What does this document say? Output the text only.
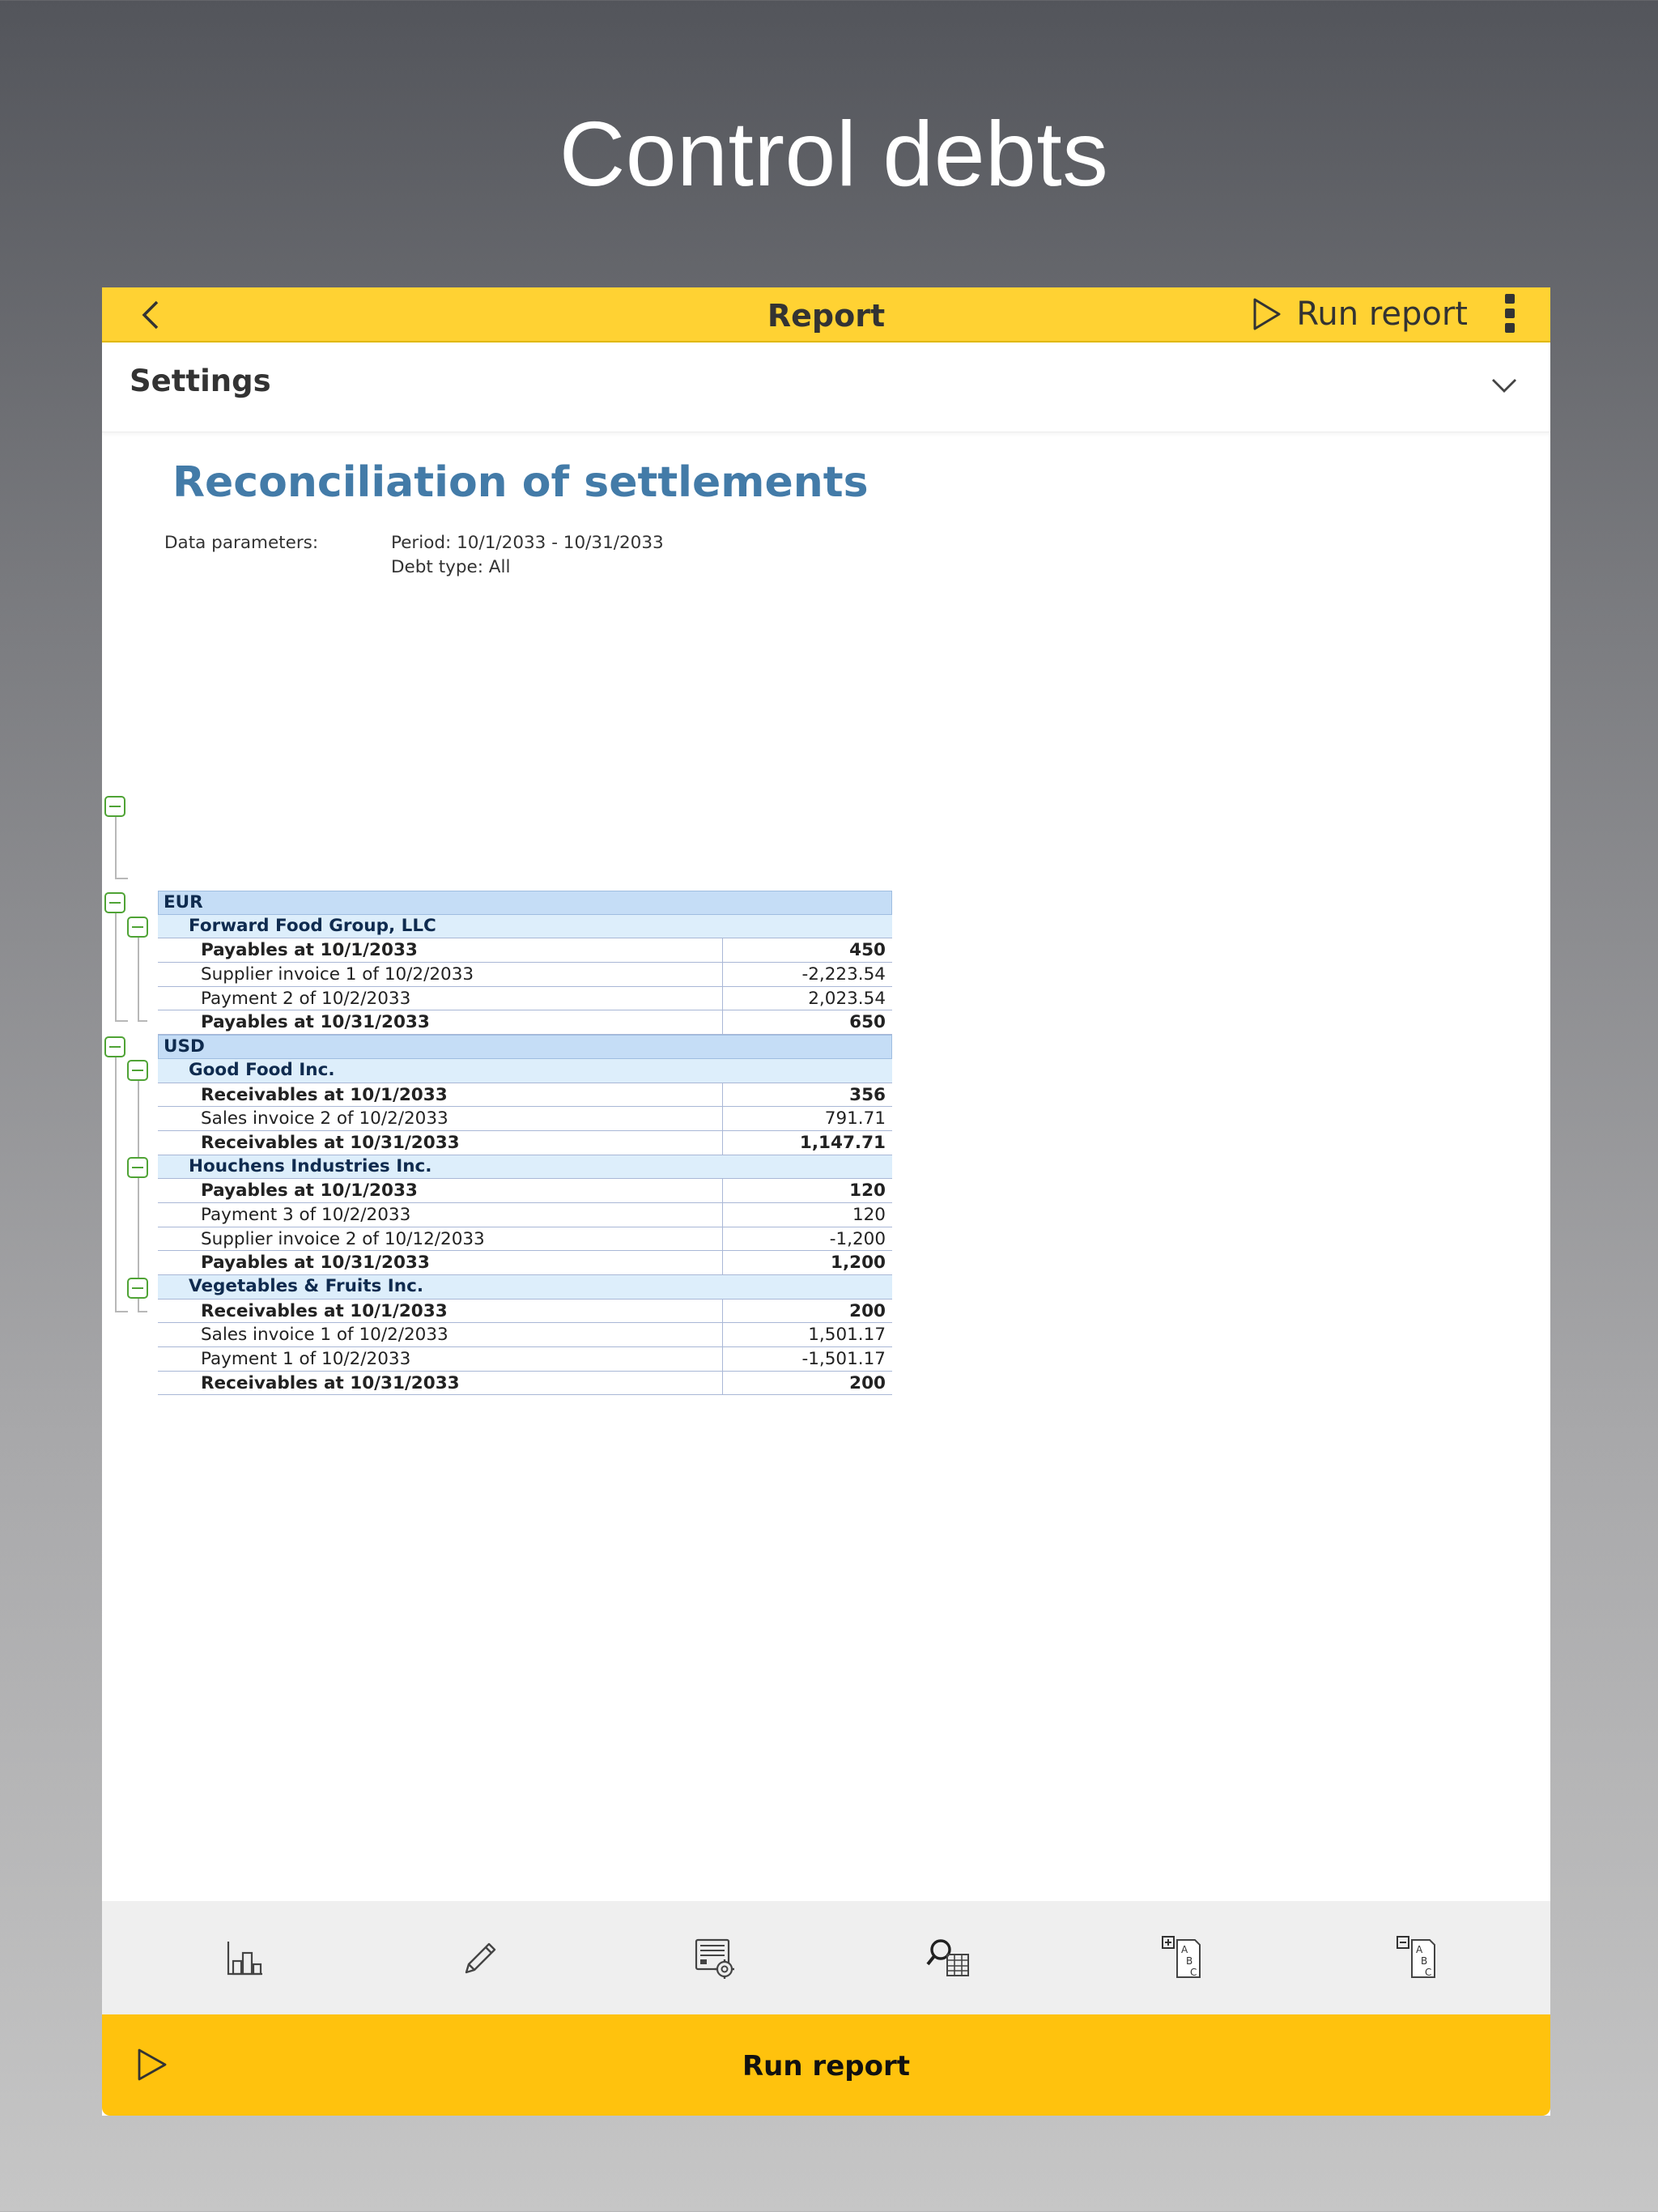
Control debts
Report	Run report
Settings
Reconciliation of settlements
Data parameters:	Period: 10/1/2033 - 10/31/2033
Debt type: All
EUR
Forward Food Group, LLC
Payables at 10/1/2033	450
Supplier invoice 1 of 10/2/2033	-2,223.54
Payment 2 of 10/2/2033	2,023.54
Payables at 10/31/2033	650
USD
Good Food Inc.
Receivables at 10/1/2033	356
Sales invoice 2 of 10/2/2033	791.71
Receivables at 10/31/2033	1,147.71
Houchens Industries Inc.
Payables at 10/1/2033	120
Payment 3 of 10/2/2033	120
Supplier invoice 2 of 10/12/2033	-1,200
Payables at 10/31/2033	1,200
Vegetables & Fruits Inc.
Receivables at 10/1/2033	200
Sales invoice 1 of 10/2/2033	1,501.17
Payment 1 of 10/2/2033	-1,501.17
Receivables at 10/31/2033	200
A
B
C
A
B
C
Run report
